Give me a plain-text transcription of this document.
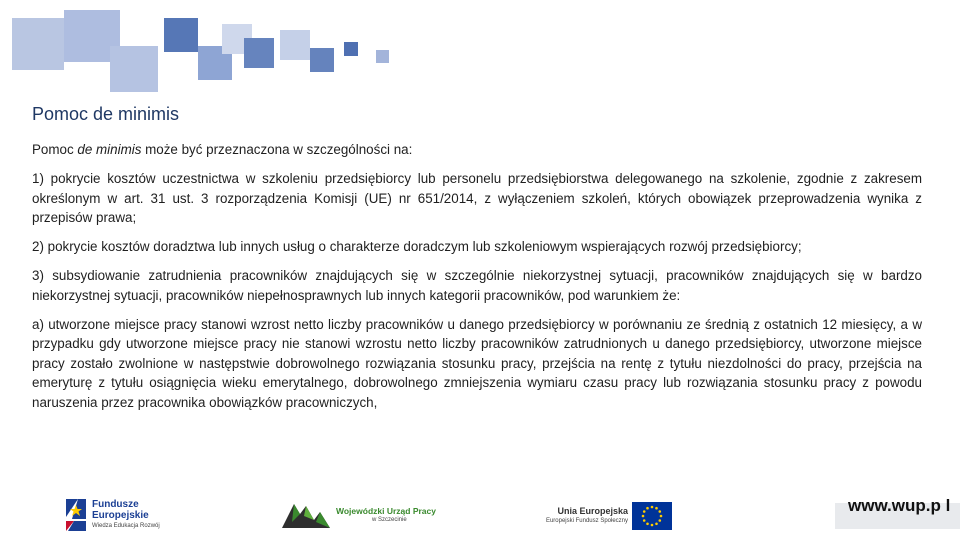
Pomoc de minimis

Pomoc de minimis może być przeznaczona w szczególności na:

1) pokrycie kosztów uczestnictwa w szkoleniu przedsiębiorcy lub personelu przedsiębiorstwa delegowanego na szkolenie, zgodnie z zakresem określonym w art. 31 ust. 3 rozporządzenia Komisji (UE) nr 651/2014, z wyłączeniem szkoleń, których obowiązek przeprowadzenia wynika z przepisów prawa;

2) pokrycie kosztów doradztwa lub innych usług o charakterze doradczym lub szkoleniowym wspierających rozwój przedsiębiorcy;

3) subsydiowanie zatrudnienia pracowników znajdujących się w szczególnie niekorzystnej sytuacji, pracowników znajdujących się w bardzo niekorzystnej sytuacji, pracowników niepełnosprawnych lub innych kategorii pracowników, pod warunkiem że:

a) utworzone miejsce pracy stanowi wzrost netto liczby pracowników u danego przedsiębiorcy w porównaniu ze średnią z ostatnich 12 miesięcy, a w przypadku gdy utworzone miejsce pracy nie stanowi wzrostu netto liczby pracowników zatrudnionych u danego przedsiębiorcy, utworzone miejsce pracy zostało zwolnione w następstwie dobrowolnego rozwiązania stosunku pracy, przejścia na rentę z tytułu niezdolności do pracy, przejścia na emeryturę z tytułu osiągnięcia wieku emerytalnego, dobrowolnego zmniejszenia wymiaru czasu pracy lub rozwiązania stosunku pracy z powodu naruszenia przez pracownika obowiązków pracowniczych,

Fundusze
Europejskie
Wiedza Edukacja Rozwój
Wojewódzki Urząd Pracy
w Szczecinie
Unia Europejska
Europejski Fundusz Społeczny
www.wup.p l
